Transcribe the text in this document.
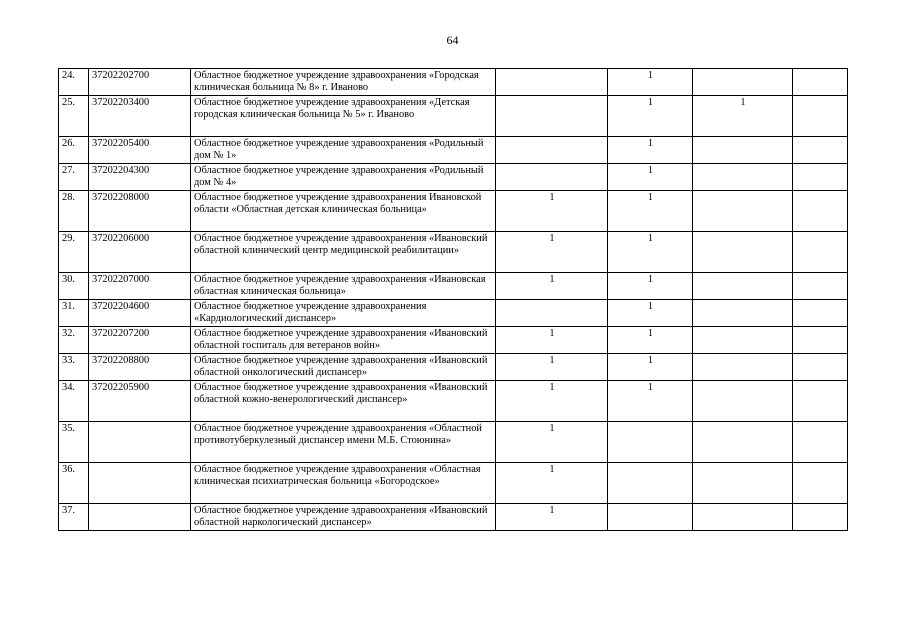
64
24.	37202202700	Областное бюджетное учреждение здравоохранения «Городская клиническая больница № 8» г. Иваново		1		
25.	37202203400	Областное бюджетное учреждение здравоохранения «Детская городская клиническая больница № 5» г. Иваново		1	1	
26.	37202205400	Областное бюджетное учреждение здравоохранения «Родильный дом № 1»		1		
27.	37202204300	Областное бюджетное учреждение здравоохранения «Родильный дом № 4»		1		
28.	37202208000	Областное бюджетное учреждение здравоохранения Ивановской области «Областная детская клиническая больница»	1	1		
29.	37202206000	Областное бюджетное учреждение здравоохранения «Ивановский областной клинический центр медицинской реабилитации»	1	1		
30.	37202207000	Областное бюджетное учреждение здравоохранения «Ивановская областная клиническая больница»	1	1		
31.	37202204600	Областное бюджетное учреждение здравоохранения «Кардиологический диспансер»		1		
32.	37202207200	Областное бюджетное учреждение здравоохранения «Ивановский областной госпиталь для ветеранов войн»	1	1		
33.	37202208800	Областное бюджетное учреждение здравоохранения «Ивановский областной онкологический диспансер»	1	1		
34.	37202205900	Областное бюджетное учреждение здравоохранения «Ивановский областной кожно-венерологический диспансер»	1	1		
35.		Областное бюджетное учреждение здравоохранения «Областной противотуберкулезный диспансер имени М.Б. Стоюнина»	1			
36.		Областное бюджетное учреждение здравоохранения «Областная клиническая психиатрическая больница «Богородское»	1			
37.		Областное бюджетное учреждение здравоохранения «Ивановский областной наркологический диспансер»	1			
